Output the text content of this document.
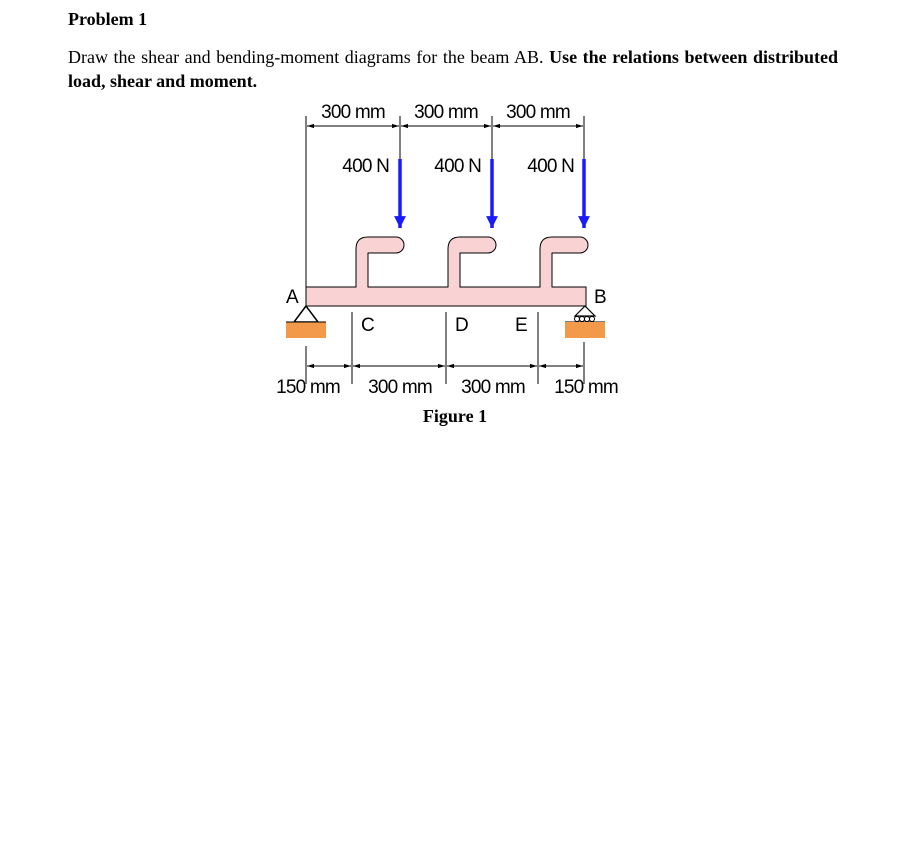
Problem 1
Draw the shear and bending-moment diagrams for the beam AB. Use the relations between distributed load, shear and moment.
300 mm 300 mm 300 mm
400 N 400 N 400 N
A	B
C	D E
150 mm 300 mm 300 mm 150 mm
Figure 1
